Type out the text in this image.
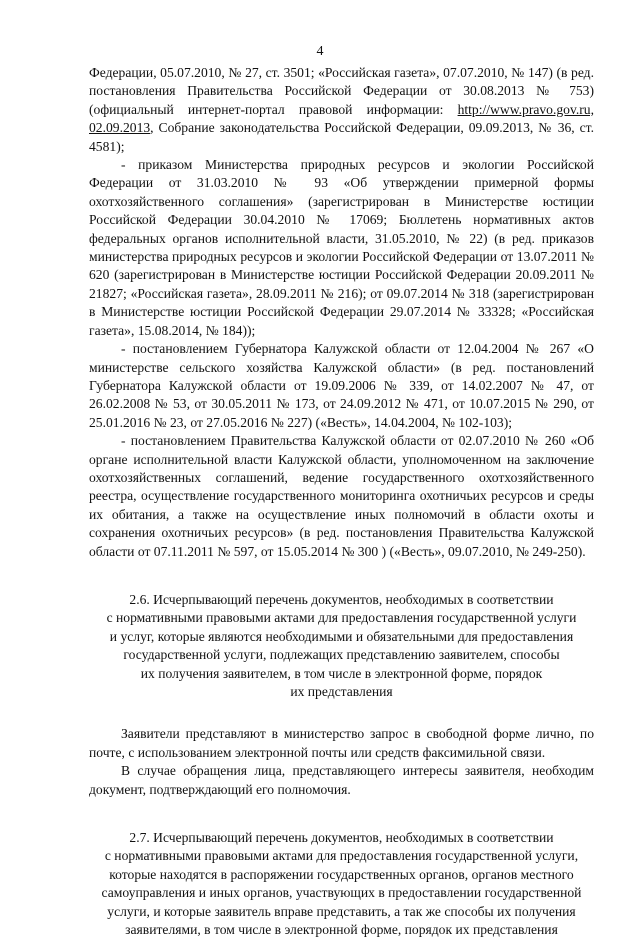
4

Федерации, 05.07.2010, № 27, ст. 3501; «Российская газета», 07.07.2010, № 147) (в ред. постановления Правительства Российской Федерации от 30.08.2013 № 753) (официальный интернет-портал правовой информации: http://www.pravo.gov.ru, 02.09.2013, Собрание законодательства Российской Федерации, 09.09.2013, № 36, ст. 4581);

- приказом Министерства природных ресурсов и экологии Российской Федерации от 31.03.2010 № 93 «Об утверждении примерной формы охотхозяйственного соглашения» (зарегистрирован в Министерстве юстиции Российской Федерации 30.04.2010 № 17069; Бюллетень нормативных актов федеральных органов исполнительной власти, 31.05.2010, № 22) (в ред. приказов министерства природных ресурсов и экологии Российской Федерации от 13.07.2011 № 620 (зарегистрирован в Министерстве юстиции Российской Федерации 20.09.2011 № 21827; «Российская газета», 28.09.2011 № 216); от 09.07.2014 № 318 (зарегистрирован в Министерстве юстиции Российской Федерации 29.07.2014 № 33328; «Российская газета», 15.08.2014, № 184));

- постановлением Губернатора Калужской области от 12.04.2004 № 267 «О министерстве сельского хозяйства Калужской области» (в ред. постановлений Губернатора Калужской области от 19.09.2006 № 339, от 14.02.2007 № 47, от 26.02.2008 № 53, от 30.05.2011 № 173, от 24.09.2012 № 471, от 10.07.2015 № 290, от 25.01.2016 № 23, от 27.05.2016 № 227) («Весть», 14.04.2004, № 102-103);

- постановлением Правительства Калужской области от 02.07.2010 № 260 «Об органе исполнительной власти Калужской области, уполномоченном на заключение охотхозяйственных соглашений, ведение государственного охотхозяйственного реестра, осуществление государственного мониторинга охотничьих ресурсов и среды их обитания, а также на осуществление иных полномочий в области охоты и сохранения охотничьих ресурсов» (в ред. постановления Правительства Калужской области от 07.11.2011 № 597, от 15.05.2014 № 300 ) («Весть», 09.07.2010, № 249-250).

2.6. Исчерпывающий перечень документов, необходимых в соответствии

с нормативными правовыми актами для предоставления государственной услуги

и услуг, которые являются необходимыми и обязательными для предоставления

государственной услуги, подлежащих представлению заявителем, способы

их получения заявителем, в том числе в электронной форме, порядок

их представления

Заявители представляют в министерство запрос в свободной форме лично, по почте, с использованием электронной почты или средств факсимильной связи.

В случае обращения лица, представляющего интересы заявителя, необходим документ, подтверждающий его полномочия.

2.7. Исчерпывающий перечень документов, необходимых в соответствии

с нормативными правовыми актами для предоставления государственной услуги,

которые находятся в распоряжении государственных органов, органов местного

самоуправления и иных органов, участвующих в предоставлении государственной

услуги, и которые заявитель вправе представить, а так же способы их получения

заявителями, в том числе в электронной форме, порядок их представления
